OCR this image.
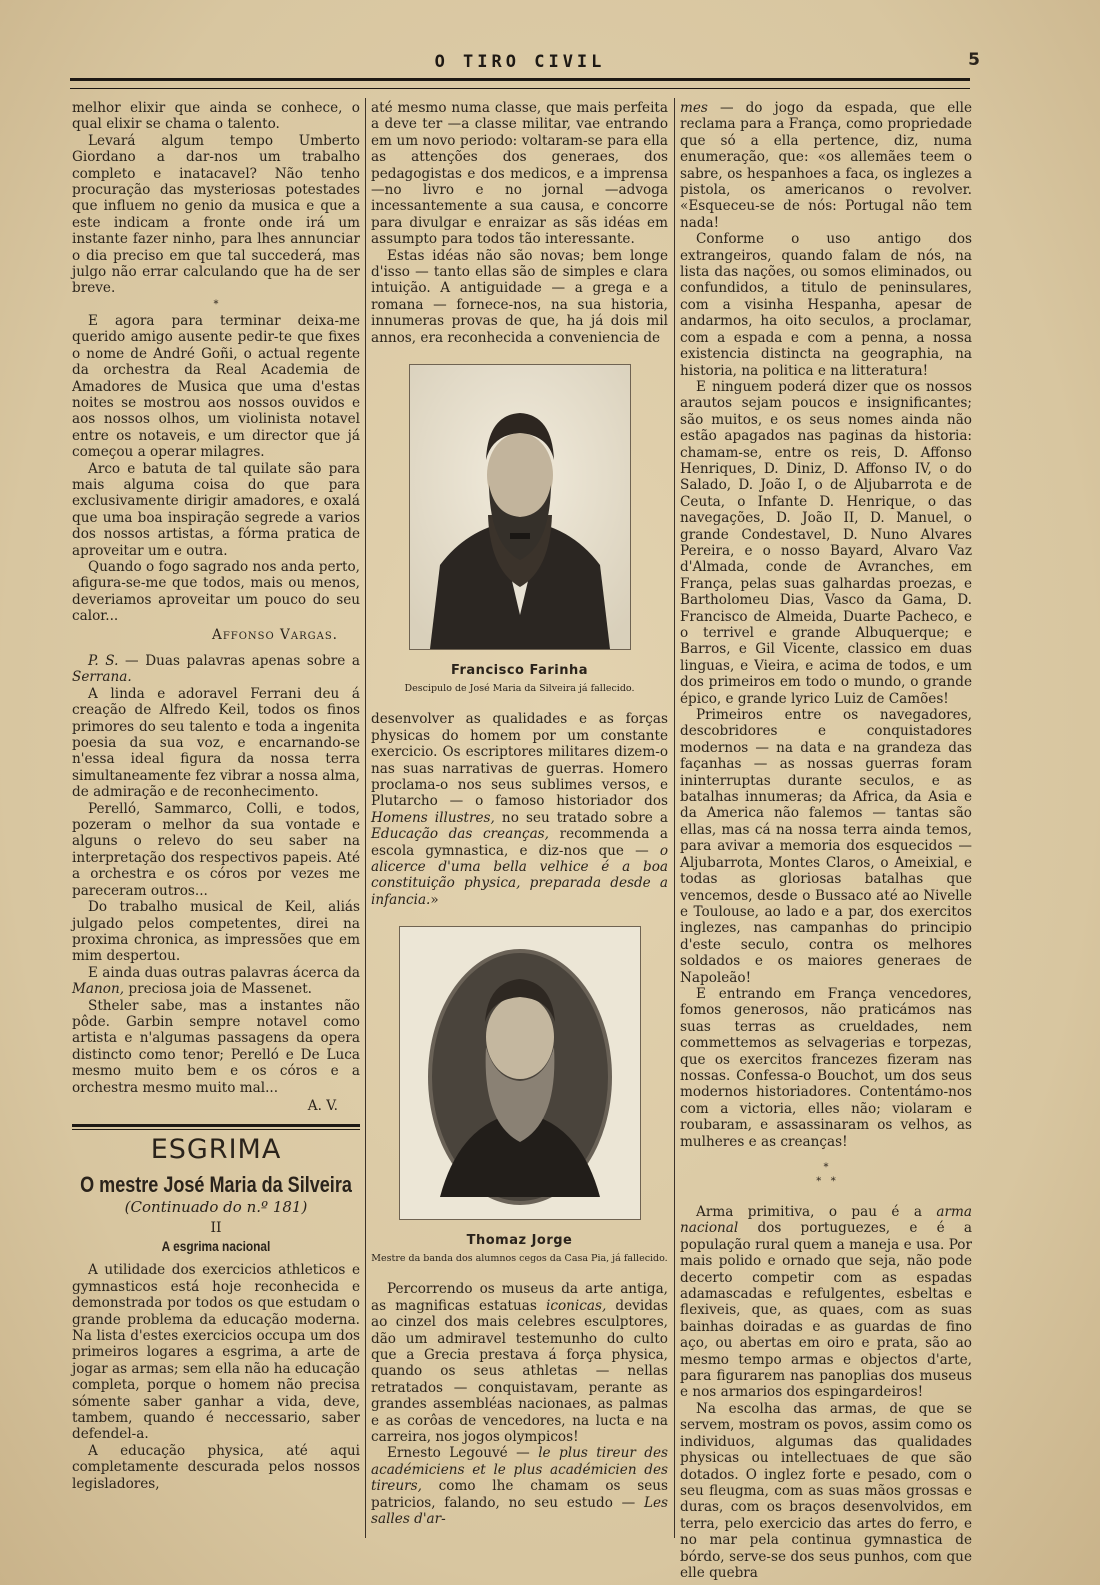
O TIRO CIVIL	5

melhor elixir que ainda se conhece, o qual elixir se chama o talento.

Levará algum tempo Umberto Giordano a dar-nos um trabalho completo e inatacavel? Não tenho procuração das mysteriosas potestades que influem no genio da musica e que a este indicam a fronte onde irá um instante fazer ninho, para lhes annunciar o dia preciso em que tal succederá, mas julgo não errar calculando que ha de ser breve.

*

E agora para terminar deixa-me querido amigo ausente pedir-te que fixes o nome de André Goñi, o actual regente da orchestra da Real Academia de Amadores de Musica que uma d'estas noites se mostrou aos nossos ouvidos e aos nossos olhos, um violinista notavel entre os notaveis, e um director que já começou a operar milagres.

Arco e batuta de tal quilate são para mais alguma coisa do que para exclusivamente dirigir amadores, e oxalá que uma boa inspiração segrede a varios dos nossos artistas, a fórma pratica de aproveitar um e outra.

Quando o fogo sagrado nos anda perto, afigura-se-me que todos, mais ou menos, deveriamos aproveitar um pouco do seu calor...

Affonso Vargas.

P. S. — Duas palavras apenas sobre a Serrana.

A linda e adoravel Ferrani deu á creação de Alfredo Keil, todos os finos primores do seu talento e toda a ingenita poesia da sua voz, e encarnando-se n'essa ideal figura da nossa terra simultaneamente fez vibrar a nossa alma, de admiração e de reconhecimento.

Perelló, Sammarco, Colli, e todos, pozeram o melhor da sua vontade e alguns o relevo do seu saber na interpretação dos respectivos papeis. Até a orchestra e os córos por vezes me pareceram outros...

Do trabalho musical de Keil, aliás julgado pelos competentes, direi na proxima chronica, as impressões que em mim despertou.

E ainda duas outras palavras ácerca da Manon, preciosa joia de Massenet.

Stheler sabe, mas a instantes não pôde. Garbin sempre notavel como artista e n'algumas passagens da opera distincto como tenor; Perelló e De Luca mesmo muito bem e os córos e a orchestra mesmo muito mal...

A. V.
ESGRIMA
O mestre José Maria da Silveira
(Continuado do n.º 181)
II
A esgrima nacional

A utilidade dos exercicios athleticos e gymnasticos está hoje reconhecida e demonstrada por todos os que estudam o grande problema da educação moderna. Na lista d'estes exercicios occupa um dos primeiros logares a esgrima, a arte de jogar as armas; sem ella não ha educação completa, porque o homem não precisa sómente saber ganhar a vida, deve, tambem, quando é neccessario, saber defendel-a.

A educação physica, até aqui completamente descurada pelos nossos legisladores,

até mesmo numa classe, que mais perfeita a deve ter —a classe militar, vae entrando em um novo periodo: voltaram-se para ella as attenções dos generaes, dos pedagogistas e dos medicos, e a imprensa —no livro e no jornal —advoga incessantemente a sua causa, e concorre para divulgar e enraizar as sãs idéas em assumpto para todos tão interessante.

Estas idéas não são novas; bem longe d'isso — tanto ellas são de simples e clara intuição. A antiguidade — a grega e a romana — fornece-nos, na sua historia, innumeras provas de que, ha já dois mil annos, era reconhecida a conveniencia de

Francisco Farinha
Descipulo de José Maria da Silveira já fallecido.

desenvolver as qualidades e as forças physicas do homem por um constante exercicio. Os escriptores militares dizem-o nas suas narrativas de guerras. Homero proclama-o nos seus sublimes versos, e Plutarcho — o famoso historiador dos Homens illustres, no seu tratado sobre a Educação das creanças, recommenda a escola gymnastica, e diz-nos que — o alicerce d'uma bella velhice é a boa constituição physica, preparada desde a infancia.»

Thomaz Jorge
Mestre da banda dos alumnos cegos da Casa Pia, já fallecido.

Percorrendo os museus da arte antiga, as magnificas estatuas iconicas, devidas ao cinzel dos mais celebres esculptores, dão um admiravel testemunho do culto que a Grecia prestava á força physica, quando os seus athletas — nellas retratados — conquistavam, perante as grandes assembléas nacionaes, as palmas e as corôas de vencedores, na lucta e na carreira, nos jogos olympicos!

Ernesto Legouvé — le plus tireur des académiciens et le plus académicien des tireurs, como lhe chamam os seus patricios, falando, no seu estudo — Les salles d'ar-

mes — do jogo da espada, que elle reclama para a França, como propriedade que só a ella pertence, diz, numa enumeração, que: «os allemães teem o sabre, os hespanhoes a faca, os inglezes a pistola, os americanos o revolver. «Esqueceu-se de nós: Portugal não tem nada!

Conforme o uso antigo dos extrangeiros, quando falam de nós, na lista das nações, ou somos eliminados, ou confundidos, a titulo de peninsulares, com a visinha Hespanha, apesar de andarmos, ha oito seculos, a proclamar, com a espada e com a penna, a nossa existencia distincta na geographia, na historia, na politica e na litteratura!

E ninguem poderá dizer que os nossos arautos sejam poucos e insignificantes; são muitos, e os seus nomes ainda não estão apagados nas paginas da historia: chamam-se, entre os reis, D. Affonso Henriques, D. Diniz, D. Affonso IV, o do Salado, D. João I, o de Aljubarrota e de Ceuta, o Infante D. Henrique, o das navegações, D. João II, D. Manuel, o grande Condestavel, D. Nuno Alvares Pereira, e o nosso Bayard, Alvaro Vaz d'Almada, conde de Avranches, em França, pelas suas galhardas proezas, e Bartholomeu Dias, Vasco da Gama, D. Francisco de Almeida, Duarte Pacheco, e o terrivel e grande Albuquerque; e Barros, e Gil Vicente, classico em duas linguas, e Vieira, e acima de todos, e um dos primeiros em todo o mundo, o grande épico, e grande lyrico Luiz de Camões!

Primeiros entre os navegadores, descobridores e conquistadores modernos — na data e na grandeza das façanhas — as nossas guerras foram ininterruptas durante seculos, e as batalhas innumeras; da Africa, da Asia e da America não falemos — tantas são ellas, mas cá na nossa terra ainda temos, para avivar a memoria dos esquecidos — Aljubarrota, Montes Claros, o Ameixial, e todas as gloriosas batalhas que vencemos, desde o Bussaco até ao Nivelle e Toulouse, ao lado e a par, dos exercitos inglezes, nas campanhas do principio d'este seculo, contra os melhores soldados e os maiores generaes de Napoleão!

E entrando em França vencedores, fomos generosos, não praticámos nas suas terras as crueldades, nem commettemos as selvagerias e torpezas, que os exercitos francezes fizeram nas nossas. Confessa-o Bouchot, um dos seus modernos historiadores. Contentámo-nos com a victoria, elles não; violaram e roubaram, e assassinaram os velhos, as mulheres e as creanças!

*
*   *

Arma primitiva, o pau é a arma nacional dos portuguezes, e é a população rural quem a maneja e usa. Por mais polido e ornado que seja, não pode decerto competir com as espadas adamascadas e refulgentes, esbeltas e flexiveis, que, as quaes, com as suas bainhas doiradas e as guardas de fino aço, ou abertas em oiro e prata, são ao mesmo tempo armas e objectos d'arte, para figurarem nas panoplias dos museus e nos armarios dos espingardeiros!

Na escolha das armas, de que se servem, mostram os povos, assim como os individuos, algumas das qualidades physicas ou intellectuaes de que são dotados. O inglez forte e pesado, com o seu fleugma, com as suas mãos grossas e duras, com os braços desenvolvidos, em terra, pelo exercicio das artes do ferro, e no mar pela continua gymnastica de bórdo, serve-se dos seus punhos, com que elle quebra
